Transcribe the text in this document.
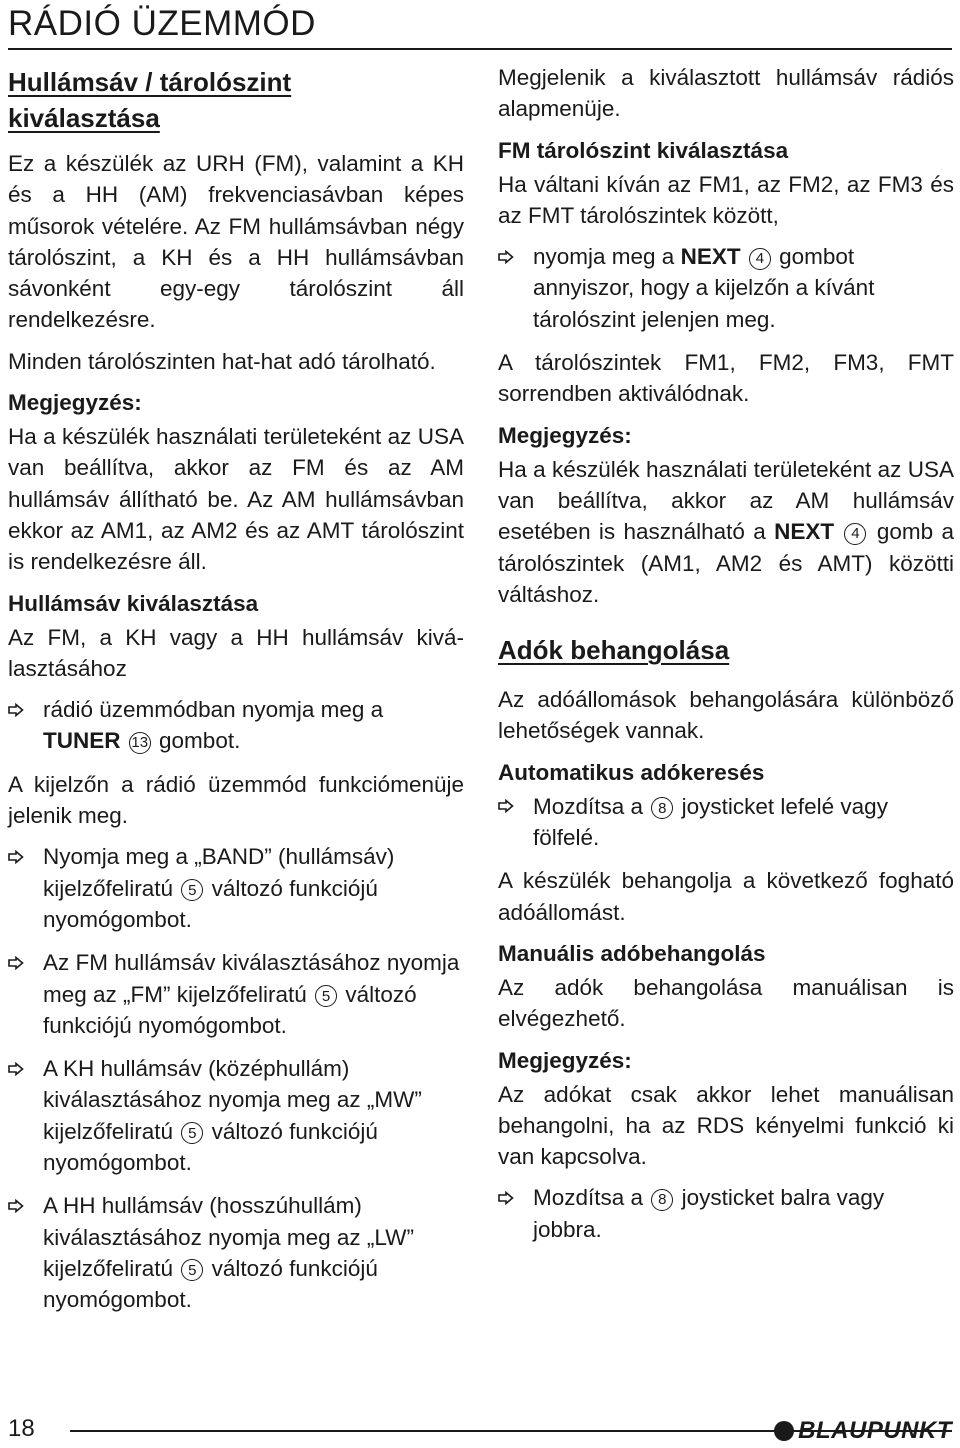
RÁDIÓ ÜZEMMÓD
Hullámsáv / tárolószint
kiválasztása

Ez a készülék az URH (FM), valamint a KH és a HH (AM) frekvenciasávban képes műsorok vételére. Az FM hullámsávban négy tárolószint, a KH és a HH hullámsávban sávonként egy-egy tárolószint áll rendelkezésre.

Minden tárolószinten hat-hat adó tárolható.

Megjegyzés:

Ha a készülék használati területeként az USA van beállítva, akkor az FM és az AM hullámsáv állítható be. Az AM hullámsávban ekkor az AM1, az AM2 és az AMT tárolószint is rendelkezésre áll.

Hullámsáv kiválasztása

Az FM, a KH vagy a HH hullámsáv kiválasztásához

rádió üzemmódban nyomja meg a TUNER 13 gombot.

A kijelzőn a rádió üzemmód funkciómenüje jelenik meg.

Nyomja meg a „BAND” (hullámsáv) kijelzőfeliratú 5 változó funkciójú nyomógombot.
Az FM hullámsáv kiválasztásához nyomja meg az „FM” kijelzőfeliratú 5 változó funkciójú nyomógombot.
A KH hullámsáv (középhullám) kiválasztásához nyomja meg az „MW” kijelzőfeliratú 5 változó funkciójú nyomógombot.
A HH hullámsáv (hosszúhullám) kiválasztásához nyomja meg az „LW” kijelzőfeliratú 5 változó funkciójú nyomógombot.

Megjelenik a kiválasztott hullámsáv rádiós alapmenüje.

FM tárolószint kiválasztása

Ha váltani kíván az FM1, az FM2, az FM3 és az FMT tárolószintek között,

nyomja meg a NEXT 4 gombot annyiszor, hogy a kijelzőn a kívánt tárolószint jelenjen meg.

A tárolószintek FM1, FM2, FM3, FMT sorrendben aktiválódnak.

Megjegyzés:

Ha a készülék használati területeként az USA van beállítva, akkor az AM hullámsáv esetében is használható a NEXT 4 gomb a tárolószintek (AM1, AM2 és AMT) közötti váltáshoz.

Adók behangolása

Az adóállomások behangolására különböző lehetőségek vannak.

Automatikus adókeresés
Mozdítsa a 8 joysticket lefelé vagy fölfelé.

A készülék behangolja a következő fogható adóállomást.

Manuális adóbehangolás

Az adók behangolása manuálisan is elvégezhető.

Megjegyzés:

Az adókat csak akkor lehet manuálisan behangolni, ha az RDS kényelmi funkció ki van kapcsolva.

Mozdítsa a 8 joysticket balra vagy jobbra.
18	BLAUPUNKT
